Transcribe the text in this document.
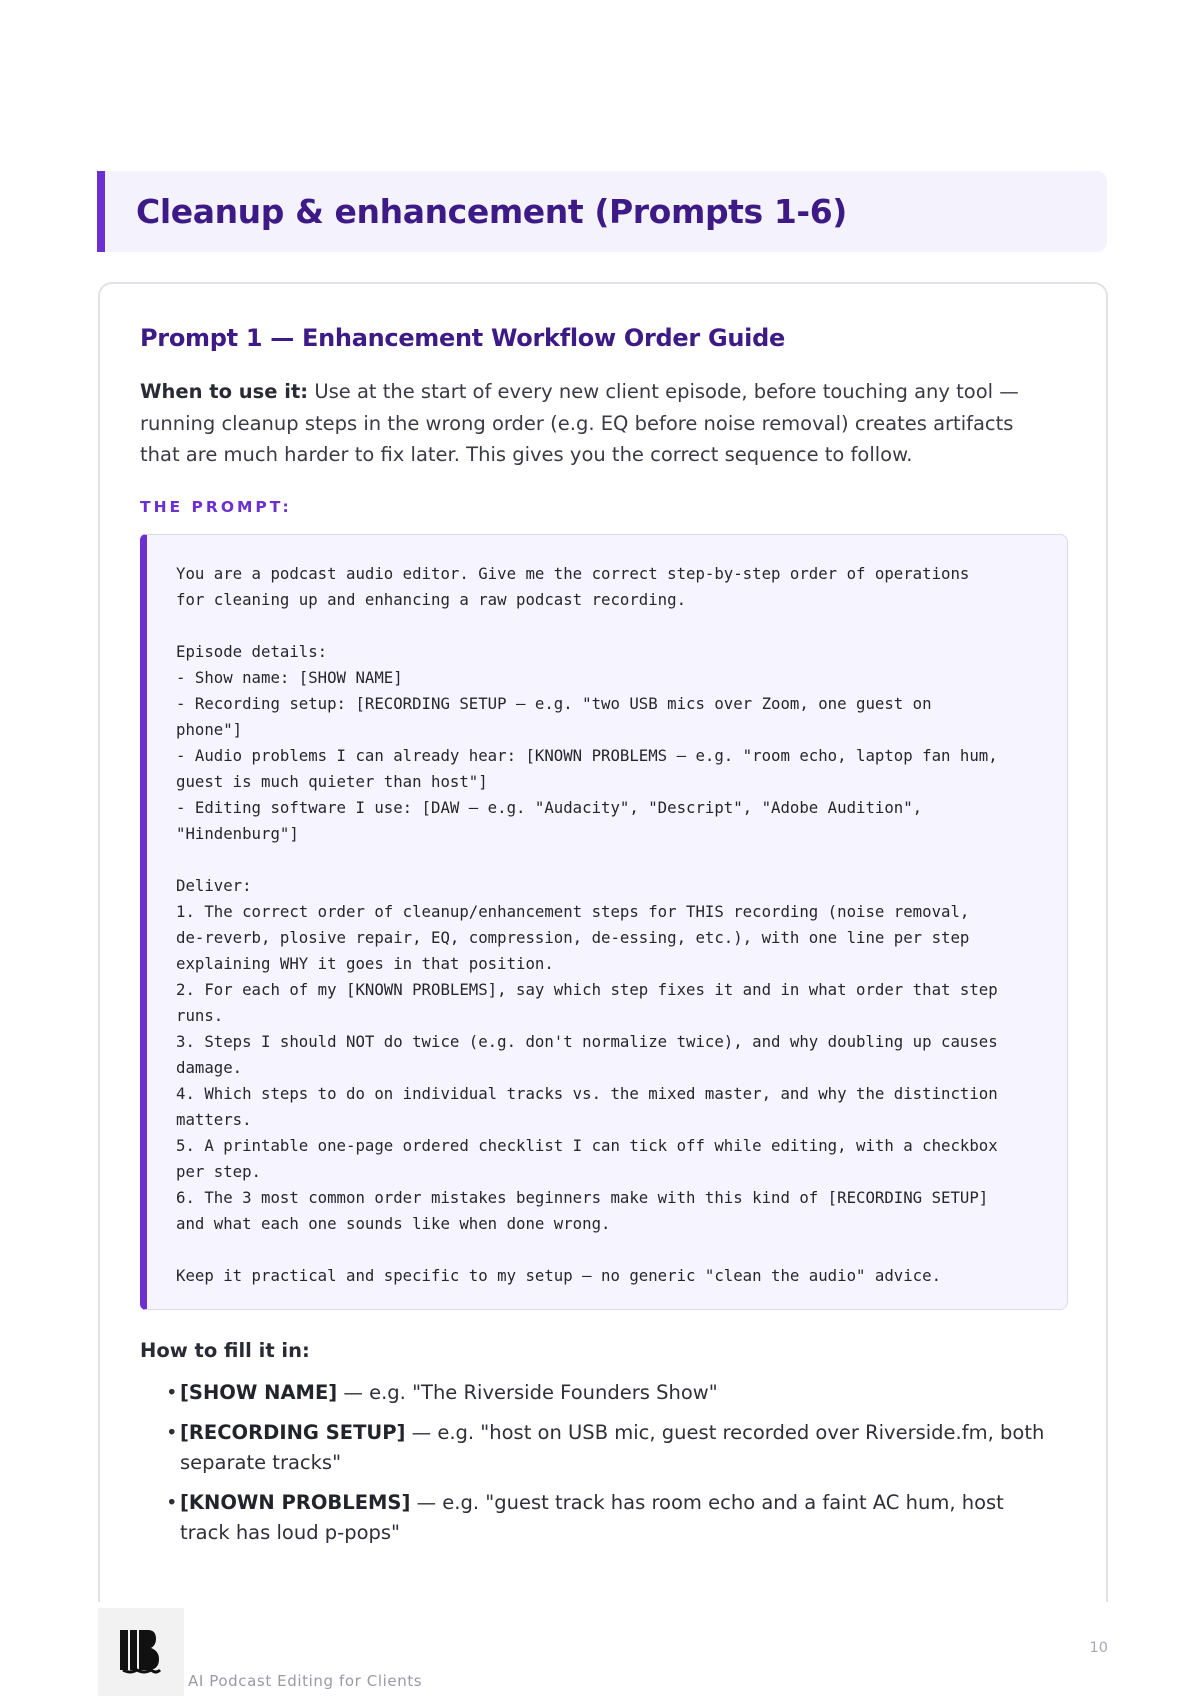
Cleanup & enhancement (Prompts 1-6)
Prompt 1 — Enhancement Workflow Order Guide

When to use it: Use at the start of every new client episode, before touching any tool — running cleanup steps in the wrong order (e.g. EQ before noise removal) creates artifacts that are much harder to fix later. This gives you the correct sequence to follow.

THE PROMPT:
You are a podcast audio editor. Give me the correct step-by-step order of operations
for cleaning up and enhancing a raw podcast recording.

Episode details:
- Show name: [SHOW NAME]
- Recording setup: [RECORDING SETUP — e.g. "two USB mics over Zoom, one guest on
phone"]
- Audio problems I can already hear: [KNOWN PROBLEMS — e.g. "room echo, laptop fan hum,
guest is much quieter than host"]
- Editing software I use: [DAW — e.g. "Audacity", "Descript", "Adobe Audition",
"Hindenburg"]

Deliver:
1. The correct order of cleanup/enhancement steps for THIS recording (noise removal,
de-reverb, plosive repair, EQ, compression, de-essing, etc.), with one line per step
explaining WHY it goes in that position.
2. For each of my [KNOWN PROBLEMS], say which step fixes it and in what order that step
runs.
3. Steps I should NOT do twice (e.g. don't normalize twice), and why doubling up causes
damage.
4. Which steps to do on individual tracks vs. the mixed master, and why the distinction
matters.
5. A printable one-page ordered checklist I can tick off while editing, with a checkbox
per step.
6. The 3 most common order mistakes beginners make with this kind of [RECORDING SETUP]
and what each one sounds like when done wrong.

Keep it practical and specific to my setup — no generic "clean the audio" advice.
How to fill it in:
• [SHOW NAME] — e.g. "The Riverside Founders Show"
• [RECORDING SETUP] — e.g. "host on USB mic, guest recorded over Riverside.fm, both separate tracks"
• [KNOWN PROBLEMS] — e.g. "guest track has room echo and a faint AC hum, host track has loud p-pops"
AI Podcast Editing for Clients
10
